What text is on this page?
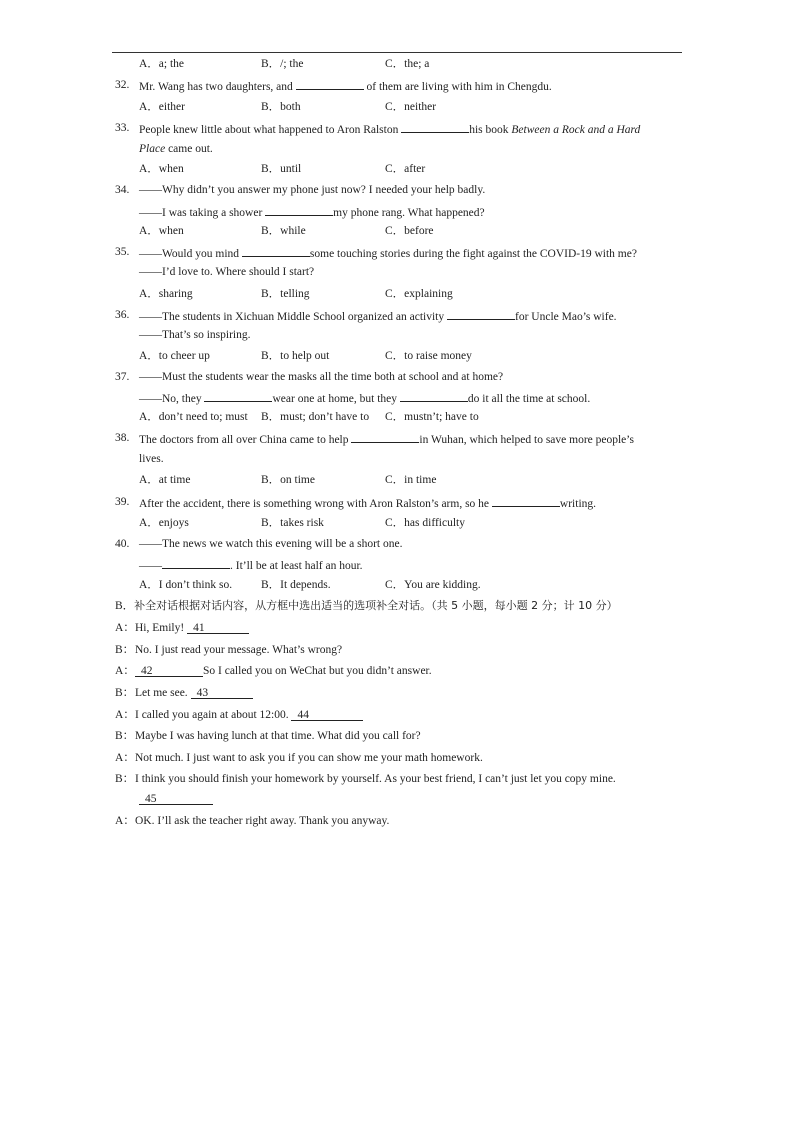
A．a; the	B．/; the	C．the; a
32. Mr. Wang has two daughters, and	of them are living with him in Chengdu.
A．either	B．both	C．neither
33. People knew little about what happened to Aron Ralston	his book Between a Rock and a Hard
Place came out.
A．when	B．until	C．after
34. ——Why didn’t you answer my phone just now? I needed your help badly.
——I was taking a shower	my phone rang. What happened?
A．when	B．while	C．before
35. ——Would you mind	some touching stories during the fight against the COVID-19 with me?
——I’d love to. Where should I start?
A．sharing	B．telling	C．explaining
36. ——The students in Xichuan Middle School organized an activity	for Uncle Mao’s wife.
——That’s so inspiring.
A．to cheer up	B．to help out	C．to raise money
37. ——Must the students wear the masks all the time both at school and at home?
——No, they	wear one at home, but they	do it all the time at school.
A．don’t need to; must B．must; don’t have to C．mustn’t; have to
38. The doctors from all over China came to help	in Wuhan, which helped to save more people’s
lives.
A．at time	B．on time	C．in time
39. After the accident, there is something wrong with Aron Ralston’s arm, so he	writing.
A．enjoys	B．takes risk	C．has difficulty
40. ——The news we watch this evening will be a short one.
——	. It’ll be at least half an hour.
A．I don’t think so.	B．It depends.	C．You are kidding.
B．补全对话根据对话内容，从方框中选出适当的选项补全对话。（共 5 小题，每小题 2 分；计 10 分）
A：Hi, Emily! 41
B：No. I just read your message. What’s wrong?
A： 42	So I called you on WeChat but you didn’t answer.
B：Let me see. 43
A：I called you again at about 12:00. 44
B：Maybe I was having lunch at that time. What did you call for?
A：Not much. I just want to ask you if you can show me your math homework.
B：I think you should finish your homework by yourself. As your best friend, I can’t just let you copy mine.
45
A：OK. I’ll ask the teacher right away. Thank you anyway.
